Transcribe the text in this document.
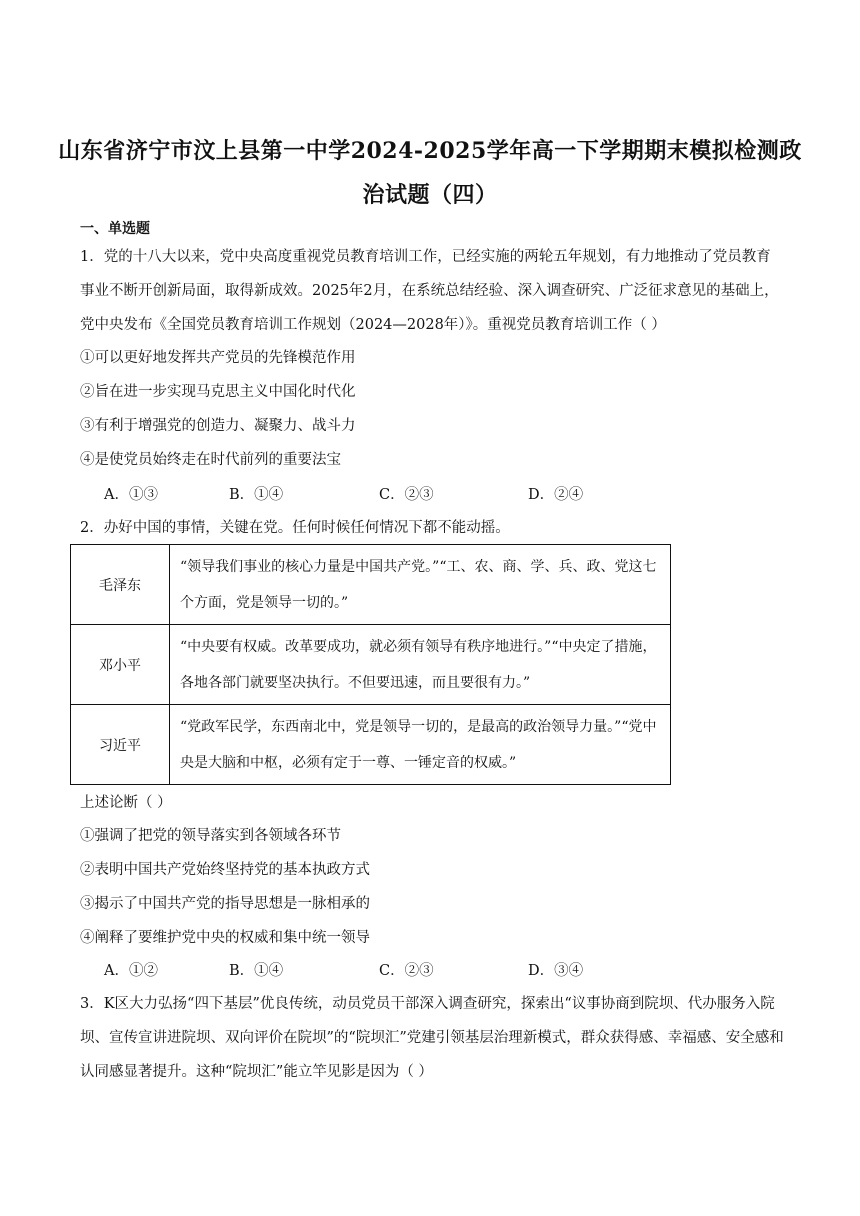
山东省济宁市汶上县第一中学2024-2025学年高一下学期期末模拟检测政
治试题（四）
一、单选题
1．党的十八大以来，党中央高度重视党员教育培训工作，已经实施的两轮五年规划，有力地推动了党员教育事业不断开创新局面，取得新成效。2025年2月，在系统总结经验、深入调查研究、广泛征求意见的基础上，党中央发布《全国党员教育培训工作规划（2024—2028年）》。重视党员教育培训工作（ ）
①可以更好地发挥共产党员的先锋模范作用
②旨在进一步实现马克思主义中国化时代化
③有利于增强党的创造力、凝聚力、战斗力
④是使党员始终走在时代前列的重要法宝
A．①③	B．①④	C．②③	D．②④
2．办好中国的事情，关键在党。任何时候任何情况下都不能动摇。
毛泽东	“领导我们事业的核心力量是中国共产党。”“工、农、商、学、兵、政、党这七个方面，党是领导一切的。”
邓小平	“中央要有权威。改革要成功，就必须有领导有秩序地进行。”“中央定了措施，各地各部门就要坚决执行。不但要迅速，而且要很有力。”
习近平	“党政军民学，东西南北中，党是领导一切的，是最高的政治领导力量。”“党中央是大脑和中枢，必须有定于一尊、一锤定音的权威。”
上述论断（ ）
①强调了把党的领导落实到各领域各环节
②表明中国共产党始终坚持党的基本执政方式
③揭示了中国共产党的指导思想是一脉相承的
④阐释了要维护党中央的权威和集中统一领导
A．①②	B．①④	C．②③	D．③④
3．K区大力弘扬“四下基层”优良传统，动员党员干部深入调查研究，探索出“议事协商到院坝、代办服务入院坝、宣传宣讲进院坝、双向评价在院坝”的“院坝汇”党建引领基层治理新模式，群众获得感、幸福感、安全感和认同感显著提升。这种“院坝汇”能立竿见影是因为（ ）
